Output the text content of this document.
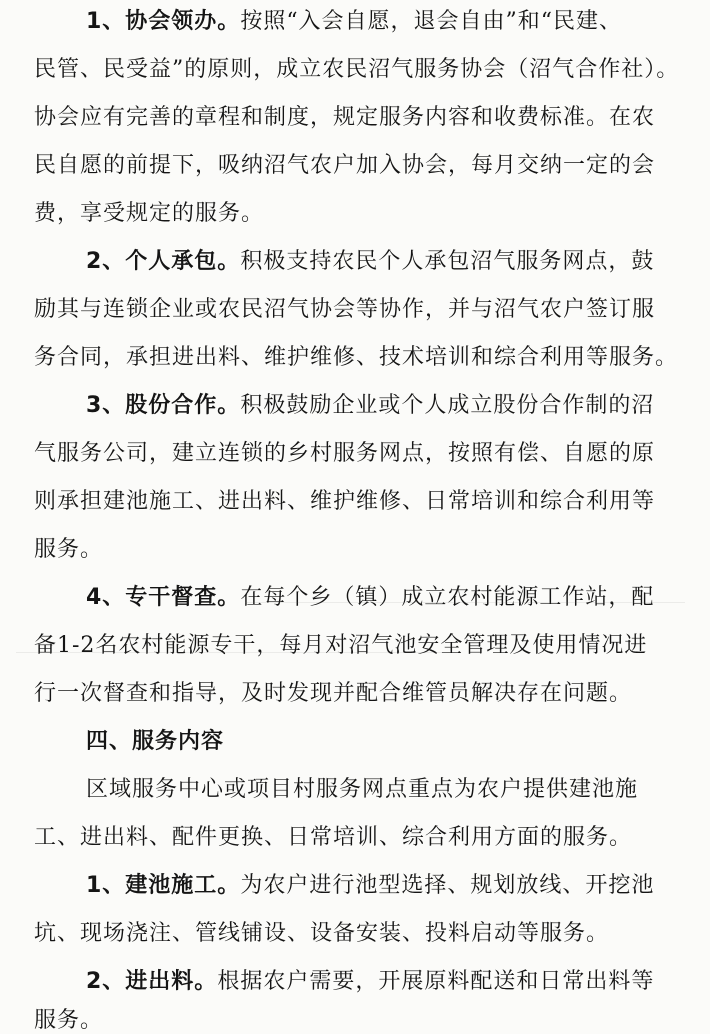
1、协会领办。按照“入会自愿，退会自由”和“民建、
民管、民受益”的原则，成立农民沼气服务协会（沼气合作社）。
协会应有完善的章程和制度，规定服务内容和收费标准。在农
民自愿的前提下，吸纳沼气农户加入协会，每月交纳一定的会
费，享受规定的服务。
2、个人承包。积极支持农民个人承包沼气服务网点，鼓
励其与连锁企业或农民沼气协会等协作，并与沼气农户签订服
务合同，承担进出料、维护维修、技术培训和综合利用等服务。
3、股份合作。积极鼓励企业或个人成立股份合作制的沼
气服务公司，建立连锁的乡村服务网点，按照有偿、自愿的原
则承担建池施工、进出料、维护维修、日常培训和综合利用等
服务。
4、专干督查。在每个乡（镇）成立农村能源工作站，配
备1-2名农村能源专干，每月对沼气池安全管理及使用情况进
行一次督查和指导，及时发现并配合维管员解决存在问题。
四、服务内容
区域服务中心或项目村服务网点重点为农户提供建池施
工、进出料、配件更换、日常培训、综合利用方面的服务。
1、建池施工。为农户进行池型选择、规划放线、开挖池
坑、现场浇注、管线铺设、设备安装、投料启动等服务。
2、进出料。根据农户需要，开展原料配送和日常出料等
服务。
